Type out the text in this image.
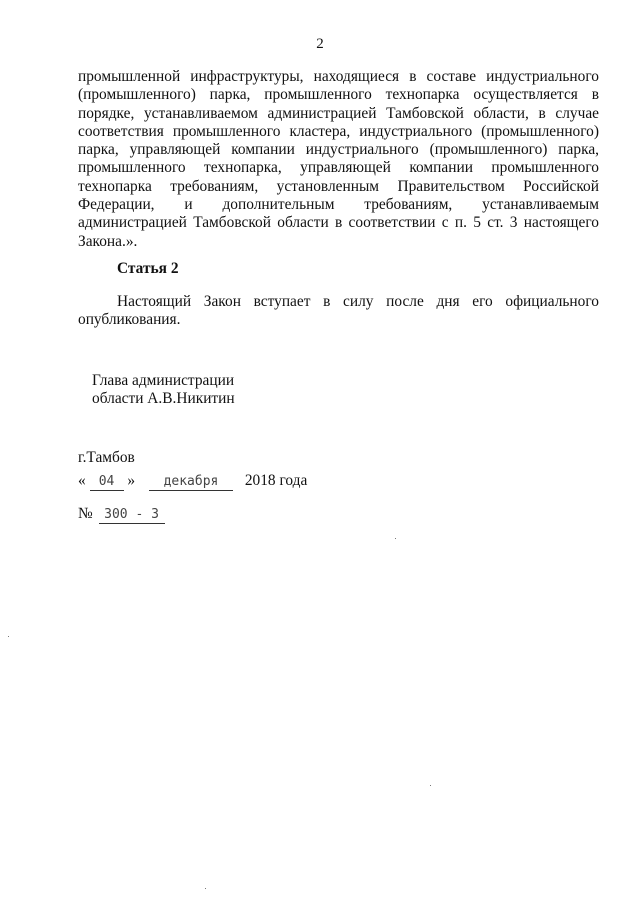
2
промышленной инфраструктуры, находящиеся в составе индустриального
(промышленного) парка, промышленного технопарка осуществляется в
порядке, устанавливаемом администрацией Тамбовской области, в случае
соответствия промышленного кластера, индустриального (промышленного)
парка, управляющей компании индустриального (промышленного) парка,
промышленного технопарка, управляющей компании промышленного
технопарка требованиям, установленным Правительством Российской
Федерации, и дополнительным требованиям, устанавливаемым
администрацией Тамбовской области в соответствии с п. 5 ст. 3 настоящего
Закона.».
Статья 2
Настоящий Закон вступает в силу после дня его официального
опубликования.
Глава администрации
области А.В.Никитин
г.Тамбов
« 04 » декабря 2018 года
№ 300 - З
